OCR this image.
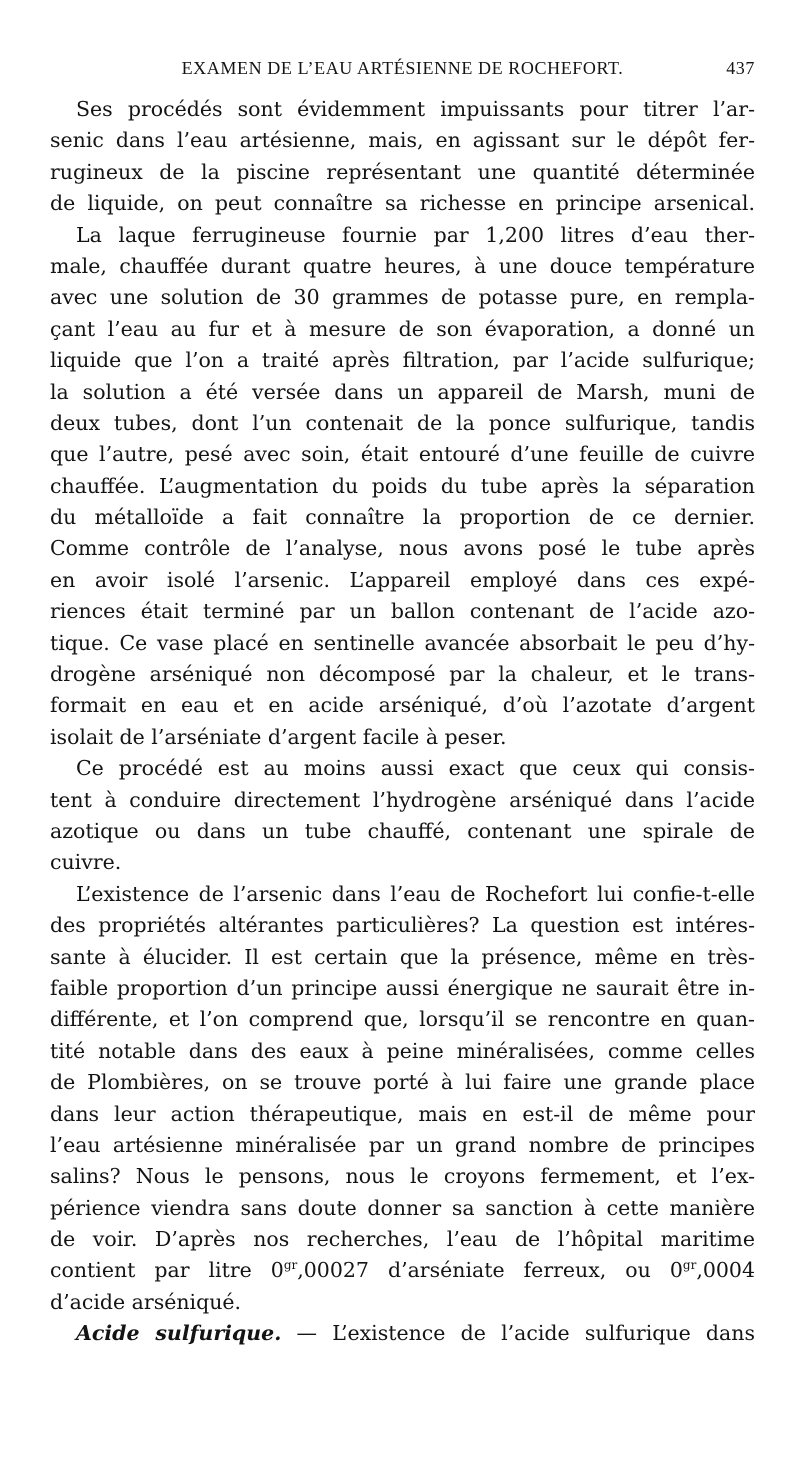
EXAMEN DE L’EAU ARTÉSIENNE DE ROCHEFORT.	437
Ses procédés sont évidemment impuissants pour titrer l’ar-
senic dans l’eau artésienne, mais, en agissant sur le dépôt fer-
rugineux de la piscine représentant une quantité déterminée
de liquide, on peut connaître sa richesse en principe arsenical.
La laque ferrugineuse fournie par 1,200 litres d’eau ther-
male, chauffée durant quatre heures, à une douce température
avec une solution de 30 grammes de potasse pure, en rempla-
çant l’eau au fur et à mesure de son évaporation, a donné un
liquide que l’on a traité après filtration, par l’acide sulfurique;
la solution a été versée dans un appareil de Marsh, muni de
deux tubes, dont l’un contenait de la ponce sulfurique, tandis
que l’autre, pesé avec soin, était entouré d’une feuille de cuivre
chauffée. L’augmentation du poids du tube après la séparation
du métalloïde a fait connaître la proportion de ce dernier.
Comme contrôle de l’analyse, nous avons posé le tube après
en avoir isolé l’arsenic. L’appareil employé dans ces expé-
riences était terminé par un ballon contenant de l’acide azo-
tique. Ce vase placé en sentinelle avancée absorbait le peu d’hy-
drogène arséniqué non décomposé par la chaleur, et le trans-
formait en eau et en acide arséniqué, d’où l’azotate d’argent
isolait de l’arséniate d’argent facile à peser.
Ce procédé est au moins aussi exact que ceux qui consis-
tent à conduire directement l’hydrogène arséniqué dans l’acide
azotique ou dans un tube chauffé, contenant une spirale de
cuivre.
L’existence de l’arsenic dans l’eau de Rochefort lui confie-t-elle
des propriétés altérantes particulières? La question est intéres-
sante à élucider. Il est certain que la présence, même en très-
faible proportion d’un principe aussi énergique ne saurait être in-
différente, et l’on comprend que, lorsqu’il se rencontre en quan-
tité notable dans des eaux à peine minéralisées, comme celles
de Plombières, on se trouve porté à lui faire une grande place
dans leur action thérapeutique, mais en est-il de même pour
l’eau artésienne minéralisée par un grand nombre de principes
salins? Nous le pensons, nous le croyons fermement, et l’ex-
périence viendra sans doute donner sa sanction à cette manière
de voir. D’après nos recherches, l’eau de l’hôpital maritime
contient par litre $0^{gr},00027$ d’arséniate ferreux, ou $0^{gr},0004$
d’acide arséniqué.
Acide sulfurique. — L’existence de l’acide sulfurique dans
